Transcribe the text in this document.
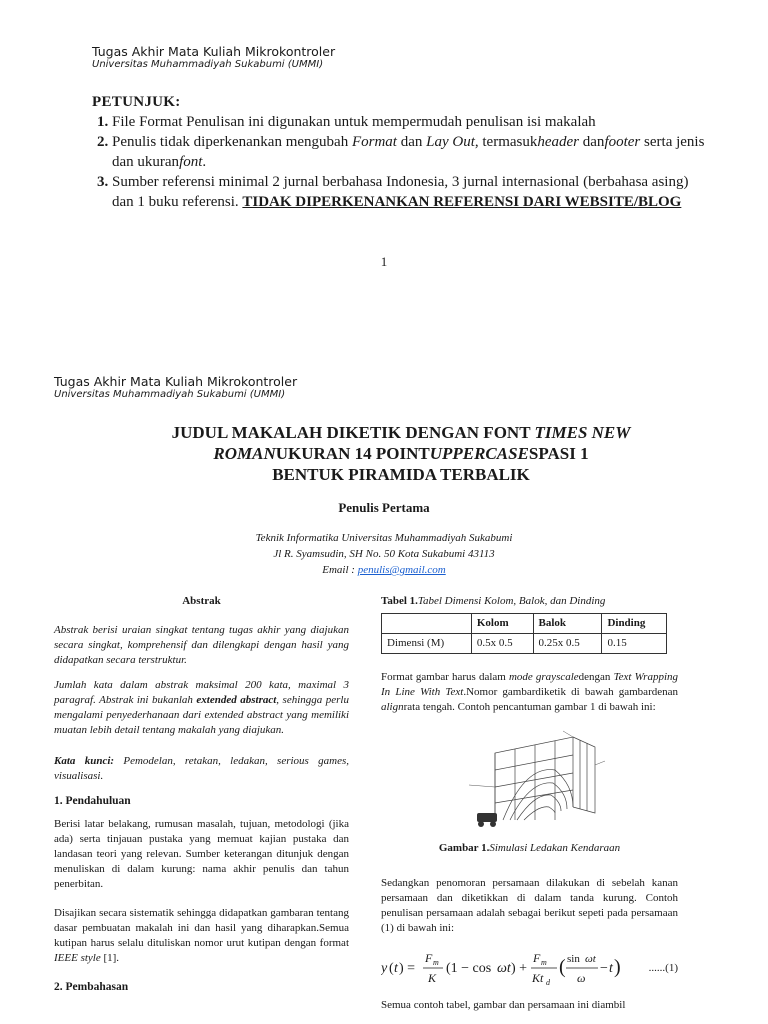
Tugas Akhir Mata Kuliah Mikrokontroler
Universitas Muhammadiyah Sukabumi (UMMI)
PETUNJUK:
1. File Format Penulisan ini digunakan untuk mempermudah penulisan isi makalah
2. Penulis tidak diperkenankan mengubah Format dan Lay Out, termasukheader danfooter serta jenis dan ukuranfont.
3. Sumber referensi minimal 2 jurnal berbahasa Indonesia, 3 jurnal internasional (berbahasa asing) dan 1 buku referensi. TIDAK DIPERKENANKAN REFERENSI DARI WEBSITE/BLOG
1
Tugas Akhir Mata Kuliah Mikrokontroler
Universitas Muhammadiyah Sukabumi (UMMI)
JUDUL MAKALAH DIKETIK DENGAN FONT TIMES NEW
ROMANUKURAN 14 POINTUPPERCASESPASI 1
BENTUK PIRAMIDA TERBALIK
Penulis Pertama
Teknik Informatika Universitas Muhammadiyah Sukabumi
Jl R. Syamsudin, SH No. 50 Kota Sukabumi 43113
Email : penulis@gmail.com
Abstrak

Abstrak berisi uraian singkat tentang tugas akhir yang diajukan secara singkat, komprehensif dan dilengkapi dengan hasil yang didapatkan secara terstruktur.

Jumlah kata dalam abstrak maksimal 200 kata, maximal 3 paragraf. Abstrak ini bukanlah extended abstract, sehingga perlu mengalami penyederhanaan dari extended abstract yang memiliki muatan lebih detail tentang makalah yang diajukan.

Kata kunci: Pemodelan, retakan, ledakan, serious games, visualisasi.

1. Pendahuluan

Berisi latar belakang, rumusan masalah, tujuan, metodologi (jika ada) serta tinjauan pustaka yang memuat kajian pustaka dan landasan teori yang relevan. Sumber keterangan ditunjuk dengan menuliskan di dalam kurung: nama akhir penulis dan tahun penerbitan.

Disajikan secara sistematik sehingga didapatkan gambaran tentang dasar pembuatan makalah ini dan hasil yang diharapkan.Semua kutipan harus selalu dituliskan nomor urut kutipan dengan format IEEE style [1].

2. Pembahasan
Tabel 1.Tabel Dimensi Kolom, Balok, dan Dinding
	Kolom	Balok	Dinding
Dimensi (M)	0.5x 0.5	0.25x 0.5	0.15

Format gambar harus dalam mode grayscaledengan Text Wrapping In Line With Text.Nomor gambardiketik di bawah gambardenan alignrata tengah. Contoh pencantuman gambar 1 di bawah ini:

Gambar 1.Simulasi Ledakan Kendaraan

Sedangkan penomoran persamaan dilakukan di sebelah kanan persamaan dan diketikkan di dalam tanda kurung. Contoh penulisan persamaan adalah sebagai berikut sepeti pada persamaan (1) di bawah ini:

y ( t ) =
F m
K
(1 − cos ωt ) +
F m
Kt d
( sin ωt
ω
− t )	......(1)

Semua contoh tabel, gambar dan persamaan ini diambil
